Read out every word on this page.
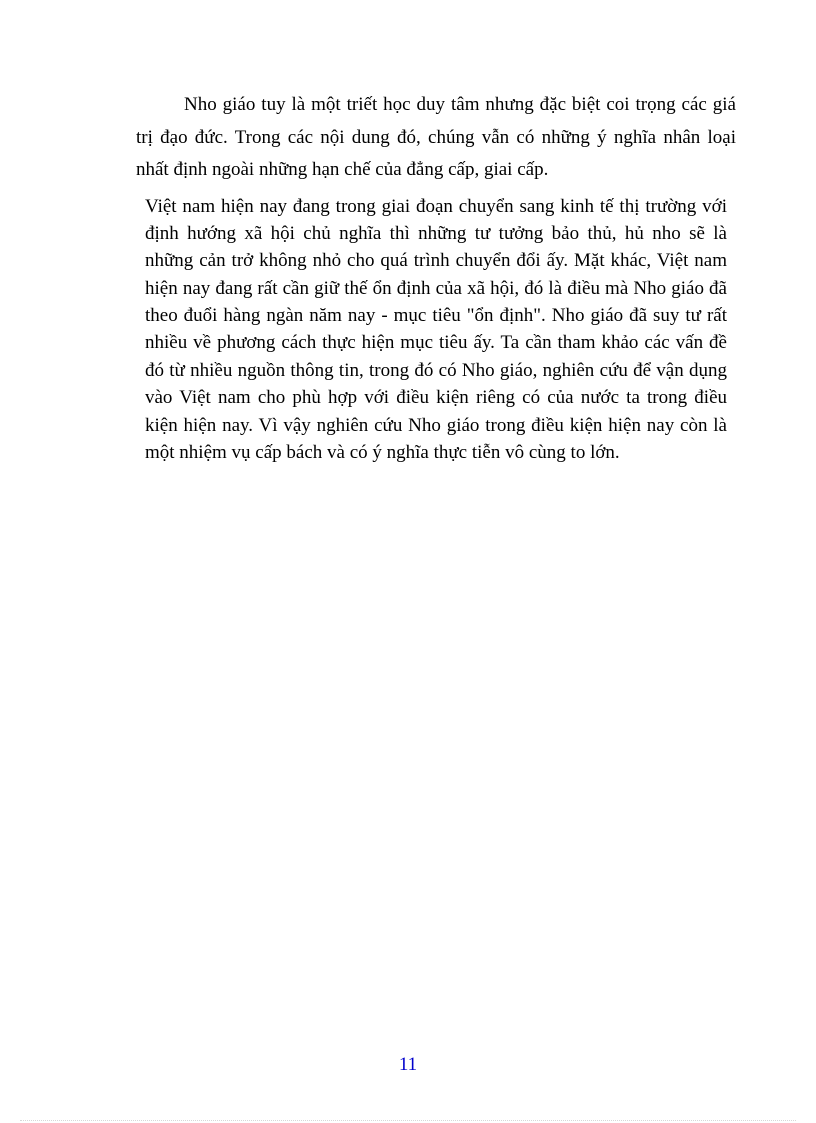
Nho giáo tuy là một triết học duy tâm nhưng đặc biệt coi trọng các giá
trị đạo đức. Trong các nội dung đó, chúng vẫn có những ý nghĩa nhân loại
nhất định ngoài những hạn chế của đẳng cấp, giai cấp.
Việt nam hiện nay đang trong giai đoạn chuyển sang kinh tế thị trường với
định hướng xã hội chủ nghĩa thì những tư tưởng bảo thủ, hủ nho sẽ là
những cản trở không nhỏ cho quá trình chuyển đổi ấy. Mặt khác, Việt nam
hiện nay đang rất cần giữ thế ổn định của xã hội, đó là điều mà Nho giáo đã
theo đuổi hàng ngàn năm nay - mục tiêu "ổn định". Nho giáo đã suy tư rất
nhiều về phương cách thực hiện mục tiêu ấy. Ta cần tham khảo các vấn đề
đó từ nhiều nguồn thông tin, trong đó có Nho giáo, nghiên cứu để vận dụng
vào Việt nam cho phù hợp với điều kiện riêng có của nước ta trong điều
kiện hiện nay. Vì vậy nghiên cứu Nho giáo trong điều kiện hiện nay còn là
một nhiệm vụ cấp bách và có ý nghĩa thực tiễn vô cùng to lớn.
11
